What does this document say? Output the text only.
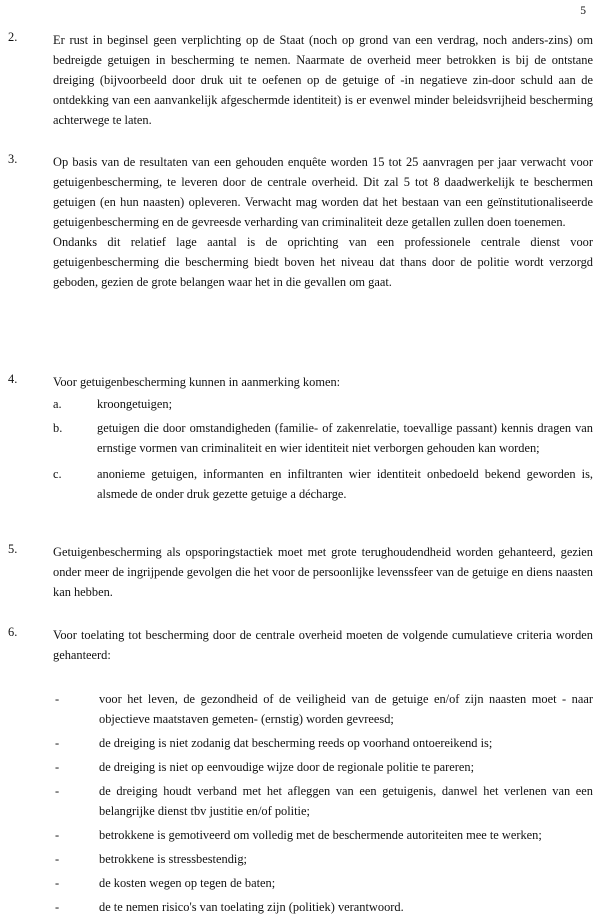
5
2.	Er rust in beginsel geen verplichting op de Staat (noch op grond van een verdrag, noch anders-zins) om bedreigde getuigen in bescherming te nemen. Naarmate de overheid meer betrokken is bij de ontstane dreiging (bijvoorbeeld door druk uit te oefenen op de getuige of -in negatieve zin-door schuld aan de ontdekking van een aanvankelijk afgeschermde identiteit) is er evenwel minder beleidsvrijheid bescherming achterwege te laten.

3.	Op basis van de resultaten van een gehouden enquête worden 15 tot 25 aanvragen per jaar verwacht voor getuigenbescherming, te leveren door de centrale overheid. Dit zal 5 tot 8 daadwerkelijk te beschermen getuigen (en hun naasten) opleveren. Verwacht mag worden dat het bestaan van een geïnstitutionaliseerde getuigenbescherming en de gevreesde verharding van criminaliteit deze getallen zullen doen toenemen.

Ondanks dit relatief lage aantal is de oprichting van een professionele centrale dienst voor getuigenbescherming die bescherming biedt boven het niveau dat thans door de politie wordt verzorgd geboden, gezien de grote belangen waar het in die gevallen om gaat.

4.	Voor getuigenbescherming kunnen in aanmerking komen:

a.	kroongetuigen;
b.	getuigen die door omstandigheden (familie- of zakenrelatie, toevallige passant) kennis dragen van ernstige vormen van criminaliteit en wier identiteit niet verborgen gehouden kan worden;
c.	anonieme getuigen, informanten en infiltranten wier identiteit onbedoeld bekend geworden is, alsmede de onder druk gezette getuige a décharge.
5.	Getuigenbescherming als opsporingstactiek moet met grote terughoudendheid worden gehanteerd, gezien onder meer de ingrijpende gevolgen die het voor de persoonlijke levenssfeer van de getuige en diens naasten kan hebben.

6.	Voor toelating tot bescherming door de centrale overheid moeten de volgende cumulatieve criteria worden gehanteerd:

-	voor het leven, de gezondheid of de veiligheid van de getuige en/of zijn naasten moet - naar objectieve maatstaven gemeten- (ernstig) worden gevreesd;
-	de dreiging is niet zodanig dat bescherming reeds op voorhand ontoereikend is;
-	de dreiging is niet op eenvoudige wijze door de regionale politie te pareren;
-	de dreiging houdt verband met het afleggen van een getuigenis, danwel het verlenen van een belangrijke dienst tbv justitie en/of politie;
-	betrokkene is gemotiveerd om volledig met de beschermende autoriteiten mee te werken;
-	betrokkene is stressbestendig;
-	de kosten wegen op tegen de baten;
-	de te nemen risico's van toelating zijn (politiek) verantwoord.
